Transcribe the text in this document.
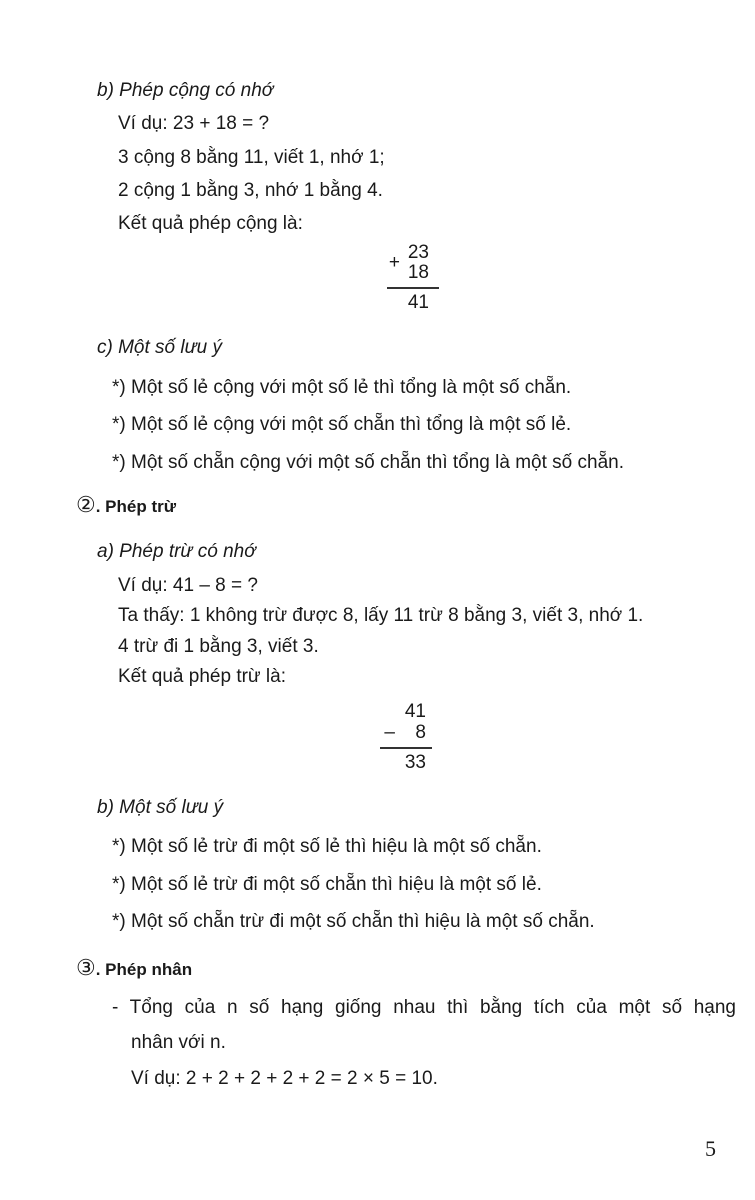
b) Phép cộng có nhớ
Ví dụ: 23 + 18 = ?
3 cộng 8 bằng 11, viết 1, nhớ 1;
2 cộng 1 bằng 3, nhớ 1 bằng 4.
Kết quả phép cộng là:
23
+ 18
41
c) Một số lưu ý
*) Một số lẻ cộng với một số lẻ thì tổng là một số chẵn.
*) Một số lẻ cộng với một số chẵn thì tổng là một số lẻ.
*) Một số chẵn cộng với một số chẵn thì tổng là một số chẵn.
②. Phép trừ
a) Phép trừ có nhớ
Ví dụ: 41 – 8 = ?
Ta thấy: 1 không trừ được 8, lấy 11 trừ 8 bằng 3, viết 3, nhớ 1.
4 trừ đi 1 bằng 3, viết 3.
Kết quả phép trừ là:
41
–	8
33
b) Một số lưu ý
*) Một số lẻ trừ đi một số lẻ thì hiệu là một số chẵn.
*) Một số lẻ trừ đi một số chẵn thì hiệu là một số lẻ.
*) Một số chẵn trừ đi một số chẵn thì hiệu là một số chẵn.
③. Phép nhân
- Tổng của n số hạng giống nhau thì bằng tích của một số hạng
nhân với n.
Ví dụ: 2 + 2 + 2 + 2 + 2 = 2 × 5 = 10.
5
